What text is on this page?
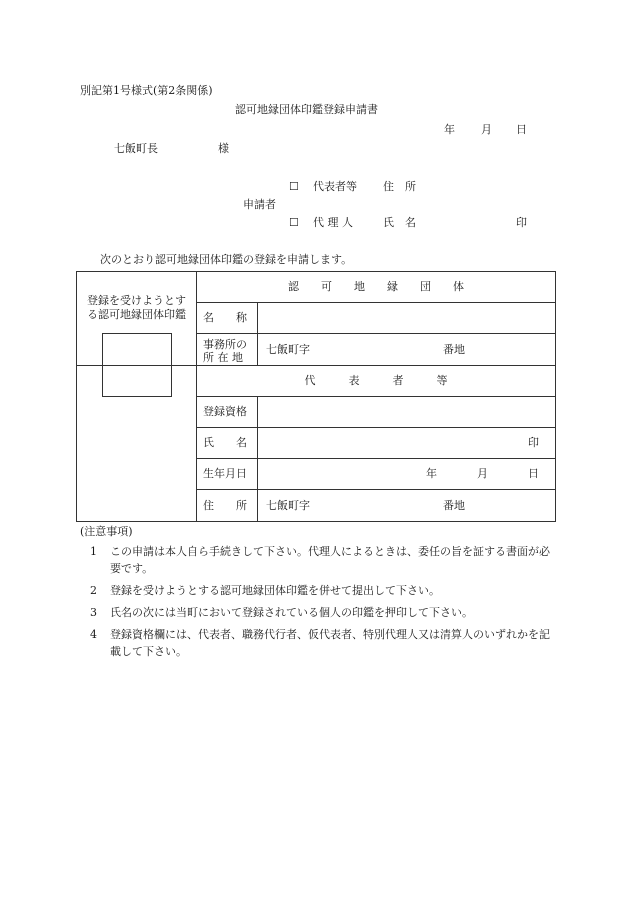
別記第1号様式(第2条関係)
認可地縁団体印鑑登録申請書
年 月 日
七飯町長	様
☐ 代表者等 住　所
申請者
☐ 代 理 人	氏　名	印
次のとおり認可地縁団体印鑑の登録を申請します。
登録を受けようとする認可地縁団体印鑑	認　　可　　地　　縁　　団　　体	
	名　　称	
	事務所の所 在 地	七飯町字 番地

	代　　　表　　　者　　　等	
	登録資格	
	氏　　名	印

	生年月日	年 月 日

	住　　所	七飯町字 番地
(注意事項)
1	この申請は本人自ら手続きして下さい。代理人によるときは、委任の旨を証する書面が必要です。
2	登録を受けようとする認可地縁団体印鑑を併せて提出して下さい。
3	氏名の次には当町において登録されている個人の印鑑を押印して下さい。
4	登録資格欄には、代表者、職務代行者、仮代表者、特別代理人又は清算人のいずれかを記載して下さい。
